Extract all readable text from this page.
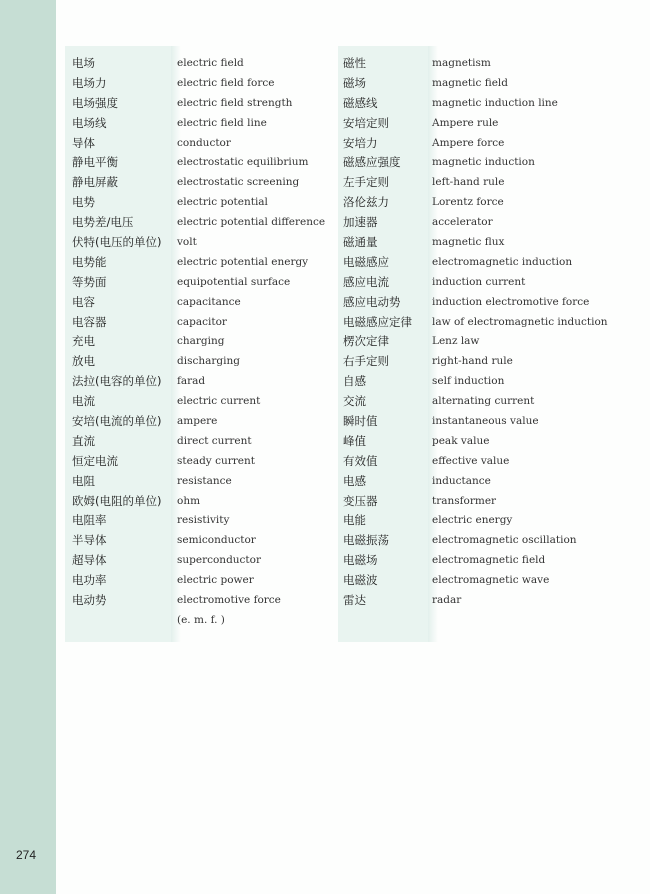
电场
电场力
电场强度
电场线
导体
静电平衡
静电屏蔽
电势
电势差/电压
伏特(电压的单位)
电势能
等势面
电容
电容器
充电
放电
法拉(电容的单位)
电流
安培(电流的单位)
直流
恒定电流
电阻
欧姆(电阻的单位)
电阻率
半导体
超导体
电功率
电动势
electric field
electric field force
electric field strength
electric field line
conductor
electrostatic equilibrium
electrostatic screening
electric potential
electric potential difference
volt
electric potential energy
equipotential surface
capacitance
capacitor
charging
discharging
farad
electric current
ampere
direct current
steady current
resistance
ohm
resistivity
semiconductor
superconductor
electric power
electromotive force
(e. m. f. )
磁性
磁场
磁感线
安培定则
安培力
磁感应强度
左手定则
洛伦兹力
加速器
磁通量
电磁感应
感应电流
感应电动势
电磁感应定律
楞次定律
右手定则
自感
交流
瞬时值
峰值
有效值
电感
变压器
电能
电磁振荡
电磁场
电磁波
雷达
magnetism
magnetic field
magnetic induction line
Ampere rule
Ampere force
magnetic induction
left-hand rule
Lorentz force
accelerator
magnetic flux
electromagnetic induction
induction current
induction electromotive force
law of electromagnetic induction
Lenz law
right-hand rule
self induction
alternating current
instantaneous value
peak value
effective value
inductance
transformer
electric energy
electromagnetic oscillation
electromagnetic field
electromagnetic wave
radar
274
